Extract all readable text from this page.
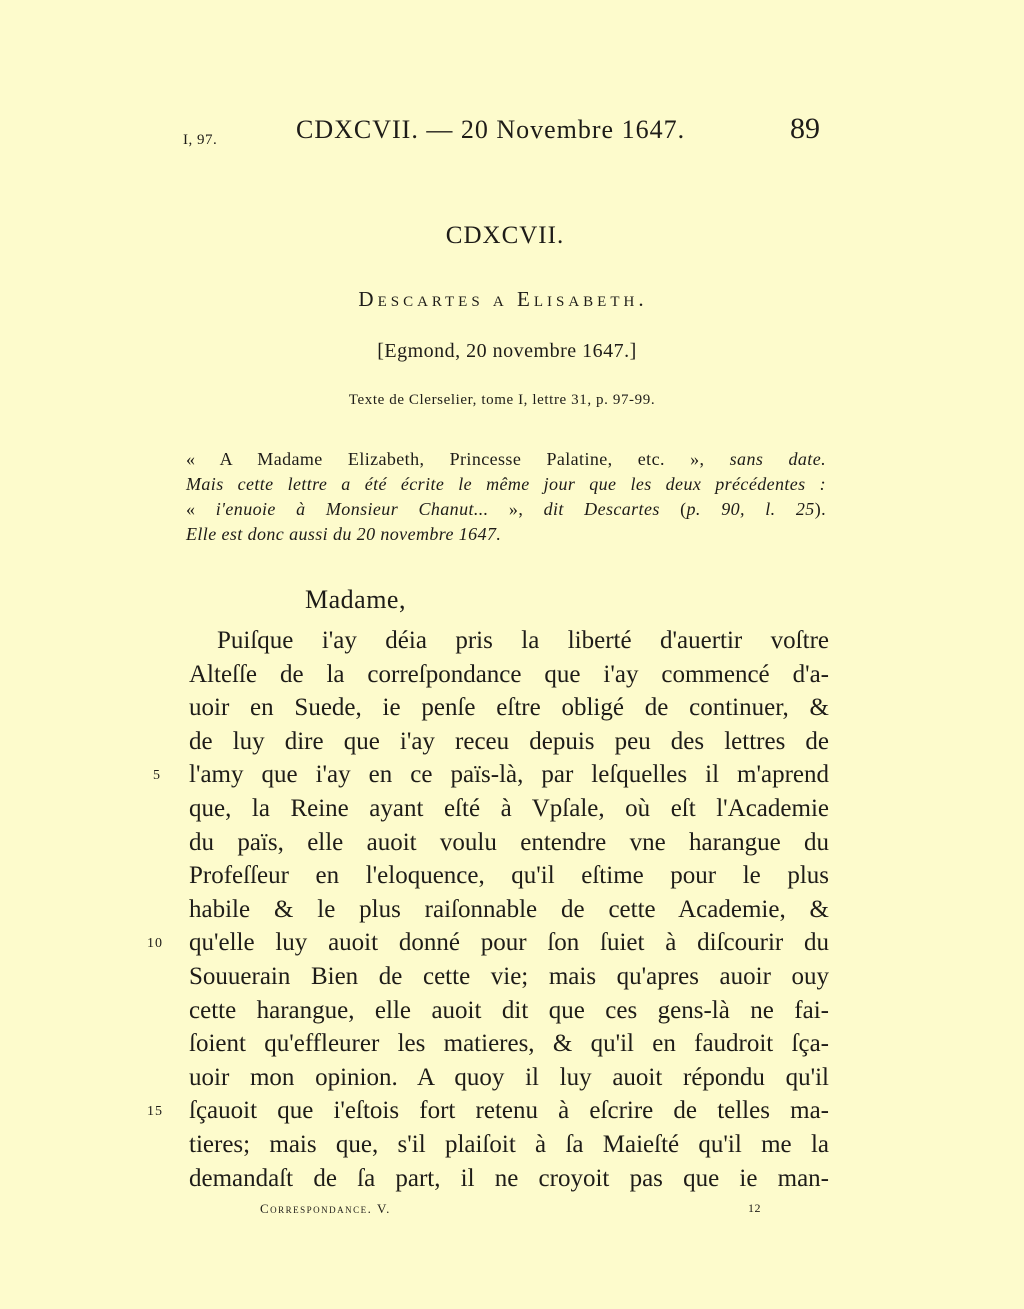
I, 97.	CDXCVII. — 20 Novembre 1647.	89
CDXCVII.
Descartes a Elisabeth.
[Egmond, 20 novembre 1647.]
Texte de Clerselier, tome I, lettre 31, p. 97-99.
« A Madame Elizabeth, Princesse Palatine, etc. », sans date.
Mais cette lettre a été écrite le même jour que les deux précédentes :
« i'enuoie à Monsieur Chanut... », dit Descartes (p. 90, l. 25).
Elle est donc aussi du 20 novembre 1647.
Madame,
Puiſque i'ay déia pris la liberté d'auertir voſtre
Alteſſe de la correſpondance que i'ay commencé d'a-
uoir en Suede, ie penſe eſtre obligé de continuer, &
de luy dire que i'ay receu depuis peu des lettres de
l'amy que i'ay en ce païs-là, par leſquelles il m'aprend
que, la Reine ayant eſté à Vpſale, où eſt l'Academie
du païs, elle auoit voulu entendre vne harangue du
Profeſſeur en l'eloquence, qu'il eſtime pour le plus
habile & le plus raiſonnable de cette Academie, &
qu'elle luy auoit donné pour ſon ſuiet à diſcourir du
Souuerain Bien de cette vie; mais qu'apres auoir ouy
cette harangue, elle auoit dit que ces gens-là ne fai-
ſoient qu'effleurer les matieres, & qu'il en faudroit ſça-
uoir mon opinion. A quoy il luy auoit répondu qu'il
ſçauoit que i'eſtois fort retenu à eſcrire de telles ma-
tieres; mais que, s'il plaiſoit à ſa Maieſté qu'il me la
demandaſt de ſa part, il ne croyoit pas que ie man-
5
10
15
Correspondance. V.	12
